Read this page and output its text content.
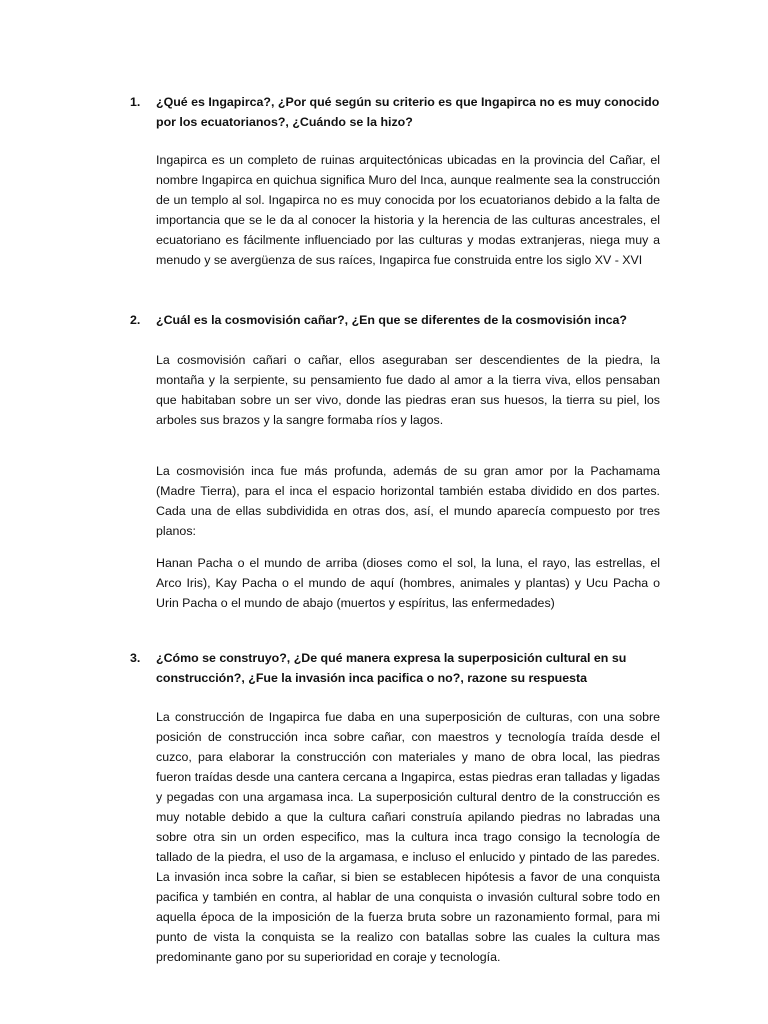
1.	¿Qué es Ingapirca?, ¿Por qué según su criterio es que Ingapirca no es muy conocido por los ecuatorianos?, ¿Cuándo se la hizo?

Ingapirca es un completo de ruinas arquitectónicas ubicadas en la provincia del Cañar, el nombre Ingapirca en quichua significa Muro del Inca, aunque realmente sea la construcción de un templo al sol. Ingapirca no es muy conocida por los ecuatorianos debido a la falta de importancia que se le da al conocer la historia y la herencia de las culturas ancestrales, el ecuatoriano es fácilmente influenciado por las culturas y modas extranjeras, niega muy a menudo y se avergüenza de sus raíces, Ingapirca fue construida entre los siglo XV - XVI

2.	¿Cuál es la cosmovisión cañar?, ¿En que se diferentes de la cosmovisión inca?

La cosmovisión cañari o cañar, ellos aseguraban ser descendientes de la piedra, la montaña y la serpiente, su pensamiento fue dado al amor a la tierra viva, ellos pensaban que habitaban sobre un ser vivo, donde las piedras eran sus huesos, la tierra su piel, los arboles sus brazos y la sangre formaba ríos y lagos.

La cosmovisión inca fue más profunda, además de su gran amor por la Pachamama (Madre Tierra), para el inca el espacio horizontal también estaba dividido en dos partes. Cada una de ellas subdividida en otras dos, así, el mundo aparecía compuesto por tres planos:

Hanan Pacha o el mundo de arriba (dioses como el sol, la luna, el rayo, las estrellas, el Arco Iris), Kay Pacha o el mundo de aquí (hombres, animales y plantas) y Ucu Pacha o Urin Pacha o el mundo de abajo (muertos y espíritus, las enfermedades)

3.	¿Cómo se construyo?, ¿De qué manera expresa la superposición cultural en su construcción?, ¿Fue la invasión inca pacifica o no?, razone su respuesta

La construcción de Ingapirca fue daba en una superposición de culturas, con una sobre posición de construcción inca sobre cañar, con maestros y tecnología traída desde el cuzco, para elaborar la construcción con materiales y mano de obra local, las piedras fueron traídas desde una cantera cercana a Ingapirca, estas piedras eran talladas y ligadas y pegadas con una argamasa inca. La superposición cultural dentro de la construcción es muy notable debido a que la cultura cañari construía apilando piedras no labradas una sobre otra sin un orden especifico, mas la cultura inca trago consigo la tecnología de tallado de la piedra, el uso de la argamasa, e incluso el enlucido y pintado de las paredes. La invasión inca sobre la cañar, si bien se establecen hipótesis a favor de una conquista pacifica y también en contra, al hablar de una conquista o invasión cultural sobre todo en aquella época de la imposición de la fuerza bruta sobre un razonamiento formal, para mi punto de vista la conquista se la realizo con batallas sobre las cuales la cultura mas predominante gano por su superioridad en coraje y tecnología.
